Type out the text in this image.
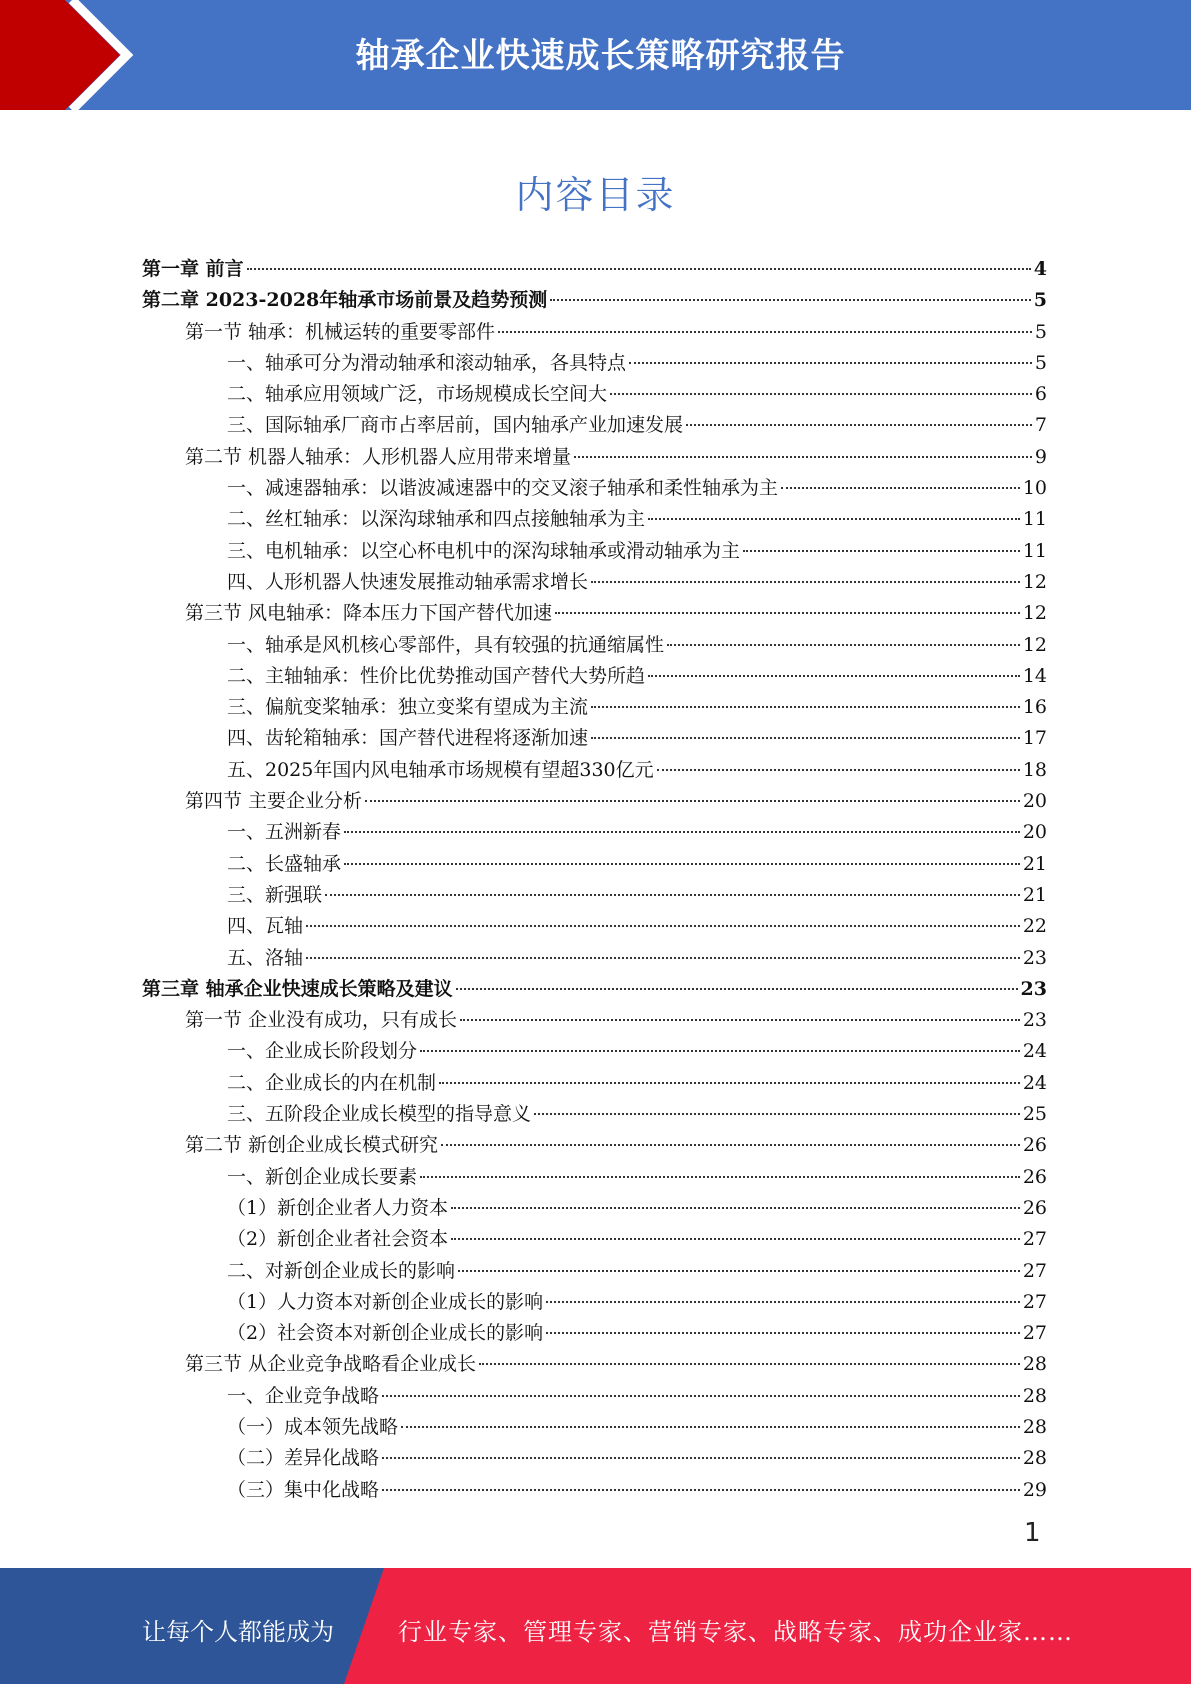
轴承企业快速成长策略研究报告
内容目录
第一章 前言	4
第二章 2023-2028年轴承市场前景及趋势预测	5
第一节 轴承：机械运转的重要零部件	5
一、轴承可分为滑动轴承和滚动轴承，各具特点	5
二、轴承应用领域广泛，市场规模成长空间大	6
三、国际轴承厂商市占率居前，国内轴承产业加速发展	7
第二节 机器人轴承：人形机器人应用带来增量	9
一、减速器轴承：以谐波减速器中的交叉滚子轴承和柔性轴承为主	10
二、丝杠轴承：以深沟球轴承和四点接触轴承为主	11
三、电机轴承：以空心杯电机中的深沟球轴承或滑动轴承为主	11
四、人形机器人快速发展推动轴承需求增长	12
第三节 风电轴承：降本压力下国产替代加速	12
一、轴承是风机核心零部件，具有较强的抗通缩属性	12
二、主轴轴承：性价比优势推动国产替代大势所趋	14
三、偏航变桨轴承：独立变桨有望成为主流	16
四、齿轮箱轴承：国产替代进程将逐渐加速	17
五、2025年国内风电轴承市场规模有望超330亿元	18
第四节 主要企业分析	20
一、五洲新春	20
二、长盛轴承	21
三、新强联	21
四、瓦轴	22
五、洛轴	23
第三章 轴承企业快速成长策略及建议	23
第一节 企业没有成功，只有成长	23
一、企业成长阶段划分	24
二、企业成长的内在机制	24
三、五阶段企业成长模型的指导意义	25
第二节 新创企业成长模式研究	26
一、新创企业成长要素	26
（1）新创企业者人力资本	26
（2）新创企业者社会资本	27
二、对新创企业成长的影响	27
（1）人力资本对新创企业成长的影响	27
（2）社会资本对新创企业成长的影响	27
第三节 从企业竞争战略看企业成长	28
一、企业竞争战略	28
（一）成本领先战略	28
（二）差异化战略	28
（三）集中化战略	29
1
让每个人都能成为	行业专家、管理专家、营销专家、战略专家、成功企业家……
